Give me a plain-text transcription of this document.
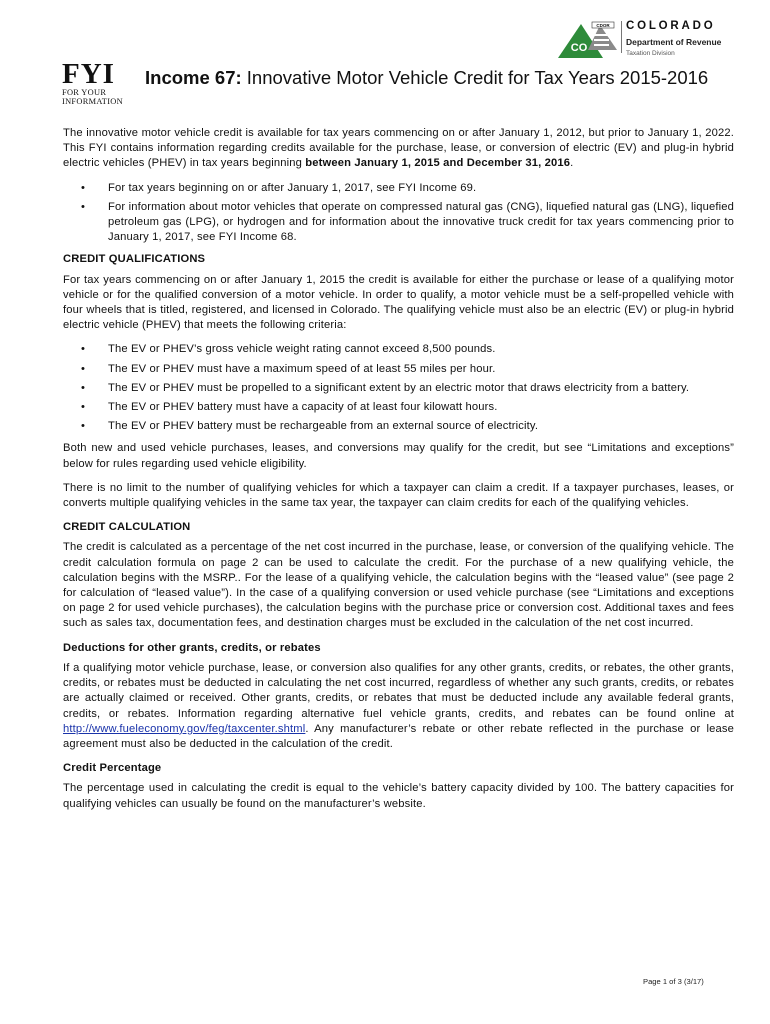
CDOR
CO
COLORADO
Department of Revenue
Taxation Division
FYI
FOR YOUR
INFORMATION
Income 67: Innovative Motor Vehicle Credit for Tax Years 2015-2016

The innovative motor vehicle credit is available for tax years commencing on or after January 1, 2012, but prior to January 1, 2022. This FYI contains information regarding credits available for the purchase, lease, or conversion of electric (EV) and plug-in hybrid electric vehicles (PHEV) in tax years beginning between January 1, 2015 and December 31, 2016.

• For tax years beginning on or after January 1, 2017, see FYI Income 69.
• For information about motor vehicles that operate on compressed natural gas (CNG), liquefied natural gas (LNG), liquefied petroleum gas (LPG), or hydrogen and for information about the innovative truck credit for tax years commencing prior to January 1, 2017, see FYI Income 68.
CREDIT QUALIFICATIONS

For tax years commencing on or after January 1, 2015 the credit is available for either the purchase or lease of a qualifying motor vehicle or for the qualified conversion of a motor vehicle. In order to qualify, a motor vehicle must be a self-propelled vehicle with four wheels that is titled, registered, and licensed in Colorado. The qualifying vehicle must also be an electric (EV) or plug-in hybrid electric vehicle (PHEV) that meets the following criteria:

• The EV or PHEV’s gross vehicle weight rating cannot exceed 8,500 pounds.
• The EV or PHEV must have a maximum speed of at least 55 miles per hour.
• The EV or PHEV must be propelled to a significant extent by an electric motor that draws electricity from a battery.
• The EV or PHEV battery must have a capacity of at least four kilowatt hours.
• The EV or PHEV battery must be rechargeable from an external source of electricity.

Both new and used vehicle purchases, leases, and conversions may qualify for the credit, but see “Limitations and exceptions” below for rules regarding used vehicle eligibility.

There is no limit to the number of qualifying vehicles for which a taxpayer can claim a credit. If a taxpayer purchases, leases, or converts multiple qualifying vehicles in the same tax year, the taxpayer can claim credits for each of the qualifying vehicles.

CREDIT CALCULATION

The credit is calculated as a percentage of the net cost incurred in the purchase, lease, or conversion of the qualifying vehicle. The credit calculation formula on page 2 can be used to calculate the credit. For the purchase of a new qualifying vehicle, the calculation begins with the MSRP.. For the lease of a qualifying vehicle, the calculation begins with the “leased value” (see page 2 for calculation of “leased value”). In the case of a qualifying conversion or used vehicle purchase (see “Limitations and exceptions on page 2 for used vehicle purchases), the calculation begins with the purchase price or conversion cost. Additional taxes and fees such as sales tax, documentation fees, and destination charges must be excluded in the calculation of the net cost incurred.

Deductions for other grants, credits, or rebates

If a qualifying motor vehicle purchase, lease, or conversion also qualifies for any other grants, credits, or rebates, the other grants, credits, or rebates must be deducted in calculating the net cost incurred, regardless of whether any such grants, credits, or rebates are actually claimed or received. Other grants, credits, or rebates that must be deducted include any available federal grants, credits, or rebates. Information regarding alternative fuel vehicle grants, credits, and rebates can be found online at http://www.fueleconomy.gov/feg/taxcenter.shtml. Any manufacturer’s rebate or other rebate reflected in the purchase or lease agreement must also be deducted in the calculation of the credit.

Credit Percentage

The percentage used in calculating the credit is equal to the vehicle’s battery capacity divided by 100. The battery capacities for qualifying vehicles can usually be found on the manufacturer’s website.

Page 1 of 3 (3/17)
